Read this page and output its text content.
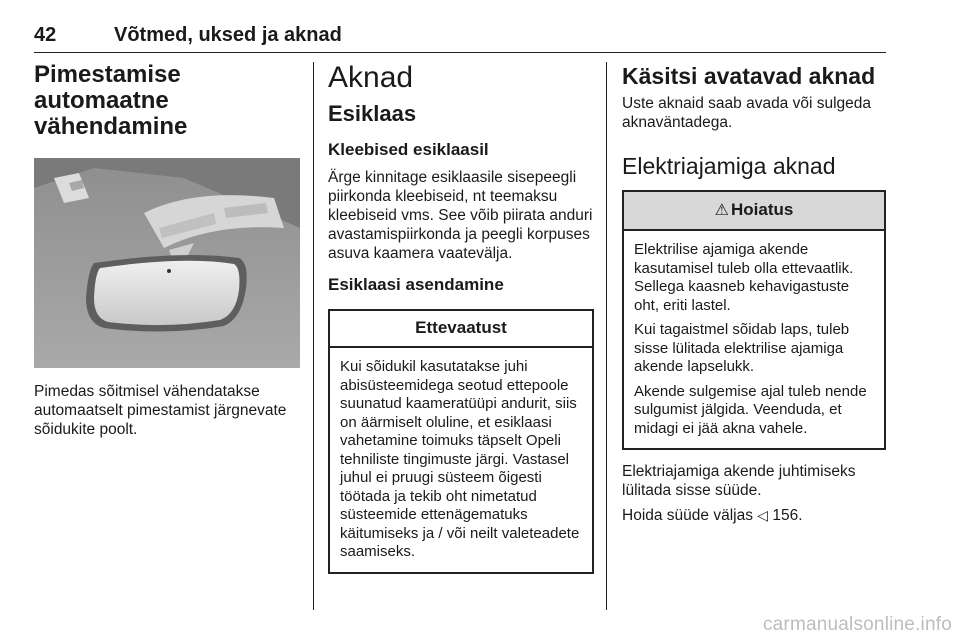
42	Võtmed, uksed ja aknad
Pimestamise automaatne vähendamine

Pimedas sõitmisel vähendatakse automaatselt pimestamist järgnevate sõidukite poolt.

Aknad
Esiklaas
Kleebised esiklaasil

Ärge kinnitage esiklaasile sisepeegli piirkonda kleebiseid, nt teemaksu kleebiseid vms. See võib piirata anduri avastamispiirkonda ja peegli korpuses asuva kaamera vaatevälja.

Esiklaasi asendamine
Ettevaatust

Kui sõidukil kasutatakse juhi abisüsteemidega seotud ettepoole suunatud kaameratüüpi andurit, siis on äärmiselt oluline, et esiklaasi vahetamine toimuks täpselt Opeli tehniliste tingimuste järgi. Vastasel juhul ei pruugi süsteem õigesti töötada ja tekib oht nimetatud süsteemide ettenägematuks käitumiseks ja / või neilt valeteadete saamiseks.

Käsitsi avatavad aknad

Uste aknaid saab avada või sulgeda aknaväntadega.

Elektriajamiga aknad
⚠ Hoiatus

Elektrilise ajamiga akende kasutamisel tuleb olla ettevaatlik. Sellega kaasneb kehavigastuste oht, eriti lastel.

Kui tagaistmel sõidab laps, tuleb sisse lülitada elektrilise ajamiga akende lapselukk.

Akende sulgemise ajal tuleb nende sulgumist jälgida. Veenduda, et midagi ei jää akna vahele.

Elektriajamiga akende juhtimiseks lülitada sisse süüde.

Hoida süüde väljas ◁ 156.

carmanualsonline.info
